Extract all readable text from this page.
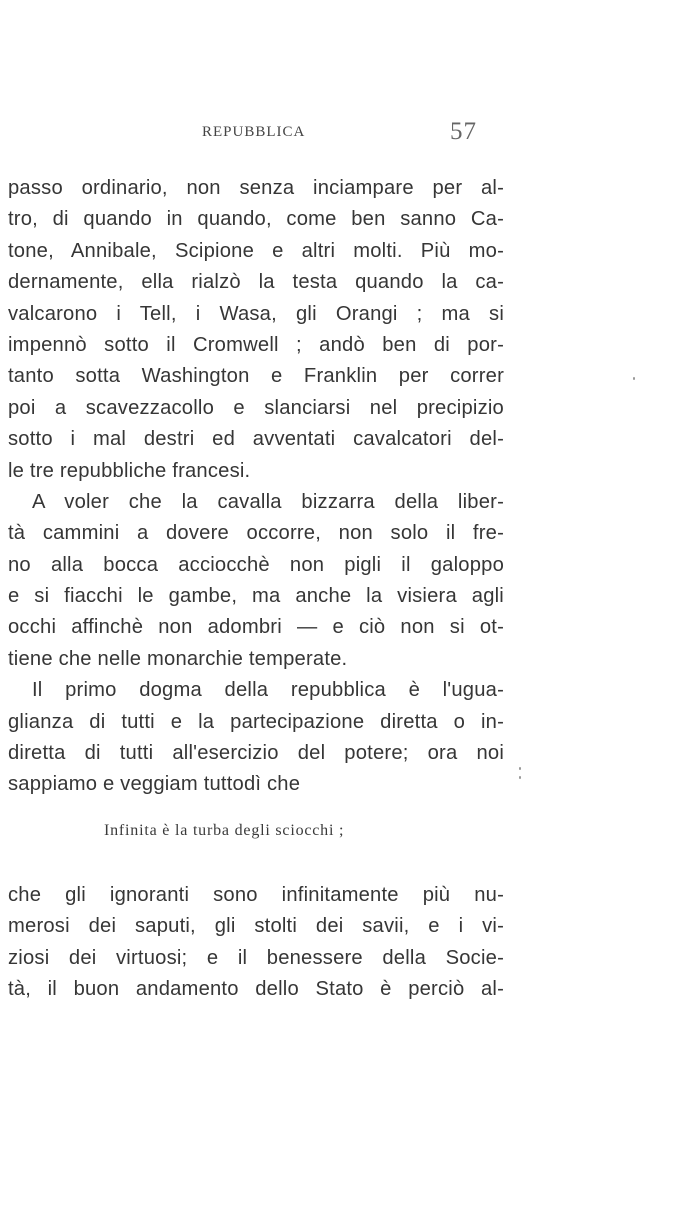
REPUBBLICA	57
passo ordinario, non senza inciampare per al-
tro, di quando in quando, come ben sanno Ca-
tone, Annibale, Scipione e altri molti. Più mo-
dernamente, ella rialzò la testa quando la ca-
valcarono i Tell, i Wasa, gli Orangi ; ma si
impennò sotto il Cromwell ; andò ben di por-
tanto sotta Washington e Franklin per correr
poi a scavezzacollo e slanciarsi nel precipizio
sotto i mal destri ed avventati cavalcatori del-
le tre repubbliche francesi.
A voler che la cavalla bizzarra della liber-
tà cammini a dovere occorre, non solo il fre-
no alla bocca acciocchè non pigli il galoppo
e si fiacchi le gambe, ma anche la visiera agli
occhi affinchè non adombri — e ciò non si ot-
tiene che nelle monarchie temperate.
Il primo dogma della repubblica è l'ugua-
glianza di tutti e la partecipazione diretta o in-
diretta di tutti all'esercizio del potere; ora noi
sappiamo e veggiam tuttodì che
Infinita è la turba degli sciocchi ;
che gli ignoranti sono infinitamente più nu-
merosi dei saputi, gli stolti dei savii, e i vi-
ziosi dei virtuosi; e il benessere della Socie-
tà, il buon andamento dello Stato è perciò al-
